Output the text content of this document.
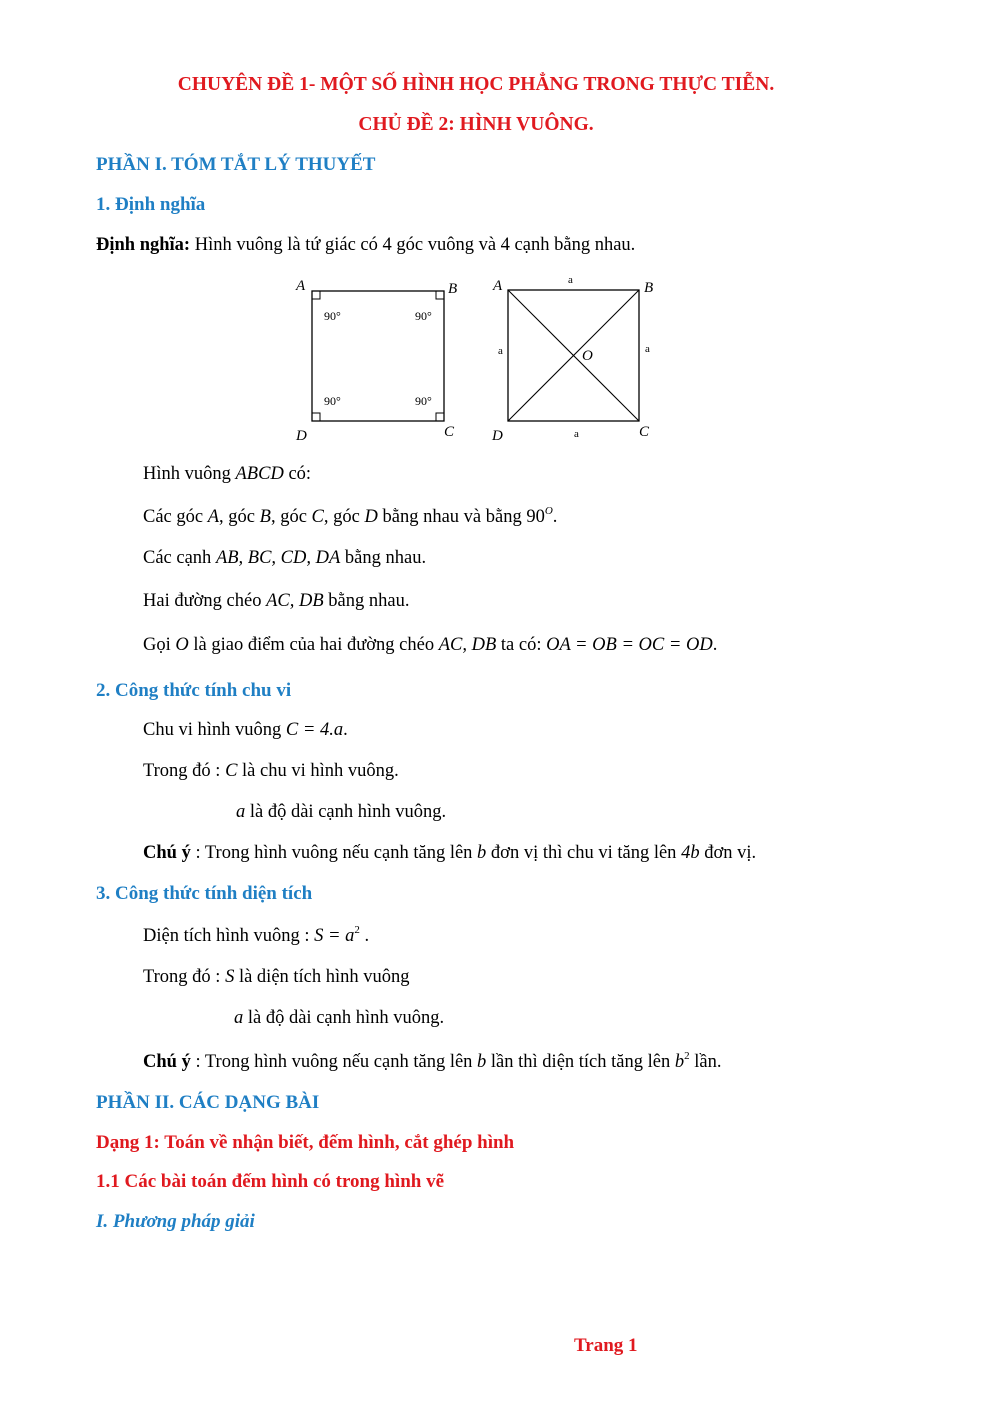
CHUYÊN ĐỀ 1- MỘT SỐ HÌNH HỌC PHẲNG TRONG THỰC TIỄN.
CHỦ ĐỀ 2: HÌNH VUÔNG.
PHẦN I. TÓM TẮT LÝ THUYẾT
1. Định nghĩa
Định nghĩa: Hình vuông là tứ giác có 4 góc vuông và 4 cạnh bằng nhau.
A	B
C
D
90°	90°
90°	90°
A	B
C
D
O
a
a	a
a
Hình vuông ABCD có:
Các góc A, góc B, góc C, góc D bằng nhau và bằng $90^O$.
Các cạnh AB, BC, CD, DA bằng nhau.
Hai đường chéo AC, DB bằng nhau.
Gọi O là giao điểm của hai đường chéo AC, DB ta có: OA = OB = OC = OD.
2. Công thức tính chu vi
Chu vi hình vuông C = 4.a.
Trong đó : C là chu vi hình vuông.
a là độ dài cạnh hình vuông.
Chú ý : Trong hình vuông nếu cạnh tăng lên b đơn vị thì chu vi tăng lên 4b đơn vị.
3. Công thức tính diện tích
Diện tích hình vuông : $S = a^2$ .
Trong đó : S là diện tích hình vuông
a là độ dài cạnh hình vuông.
Chú ý : Trong hình vuông nếu cạnh tăng lên b lần thì diện tích tăng lên $b^2$ lần.
PHẦN II. CÁC DẠNG BÀI
Dạng 1: Toán về nhận biết, đếm hình, cắt ghép hình
1.1 Các bài toán đếm hình có trong hình vẽ
I. Phương pháp giải
Trang 1
